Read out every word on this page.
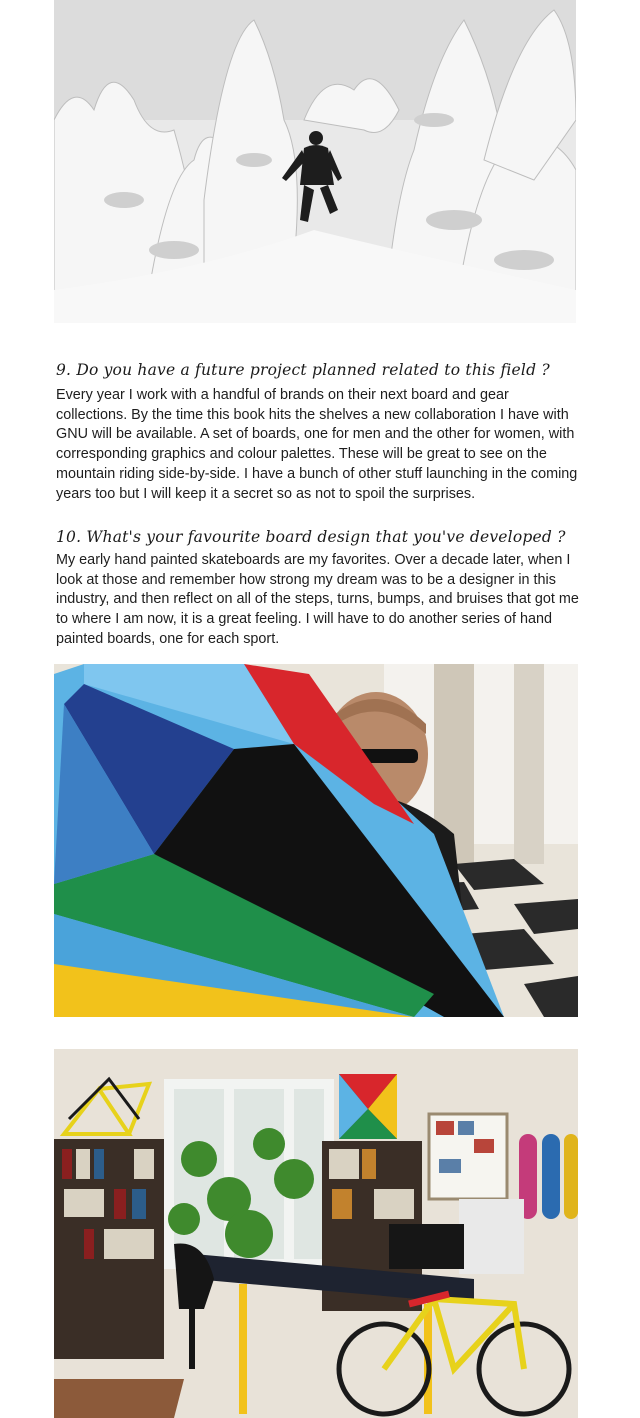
9. Do you have a future project planned related to this field ?

Every year I work with a handful of brands on their next board and gear collections. By the time this book hits the shelves a new collaboration I have with GNU will be available. A set of boards, one for men and the other for women, with corresponding graphics and colour palettes. These will be great to see on the mountain riding side-by-side. I have a bunch of other stuff launching in the coming years too but I will keep it a secret so as not to spoil the surprises.

10. What's your favourite board design that you've developed ?

My early hand painted skateboards are my favorites. Over a decade later, when I look at those and remember how strong my dream was to be a designer in this industry, and then reflect on all of the steps, turns, bumps, and bruises that got me to where I am now, it is a great feeling. I will have to do another series of hand painted boards, one for each sport.
